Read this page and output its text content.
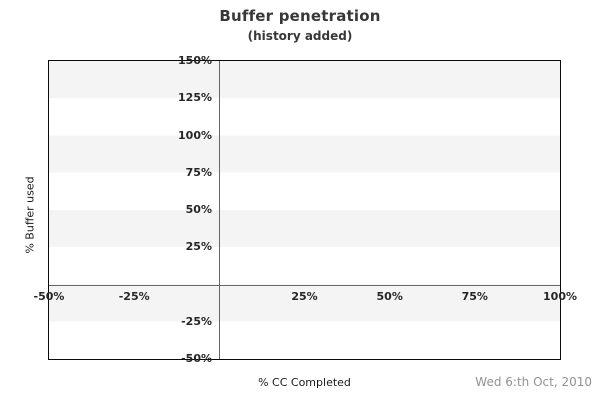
Buffer penetration
(history added)
150%
125%
100%
75%
50%
25%
-25%
-50%
-50%	-25%	25%	50%	75%	100%
% Buffer used
% CC Completed	Wed 6:th Oct, 2010
